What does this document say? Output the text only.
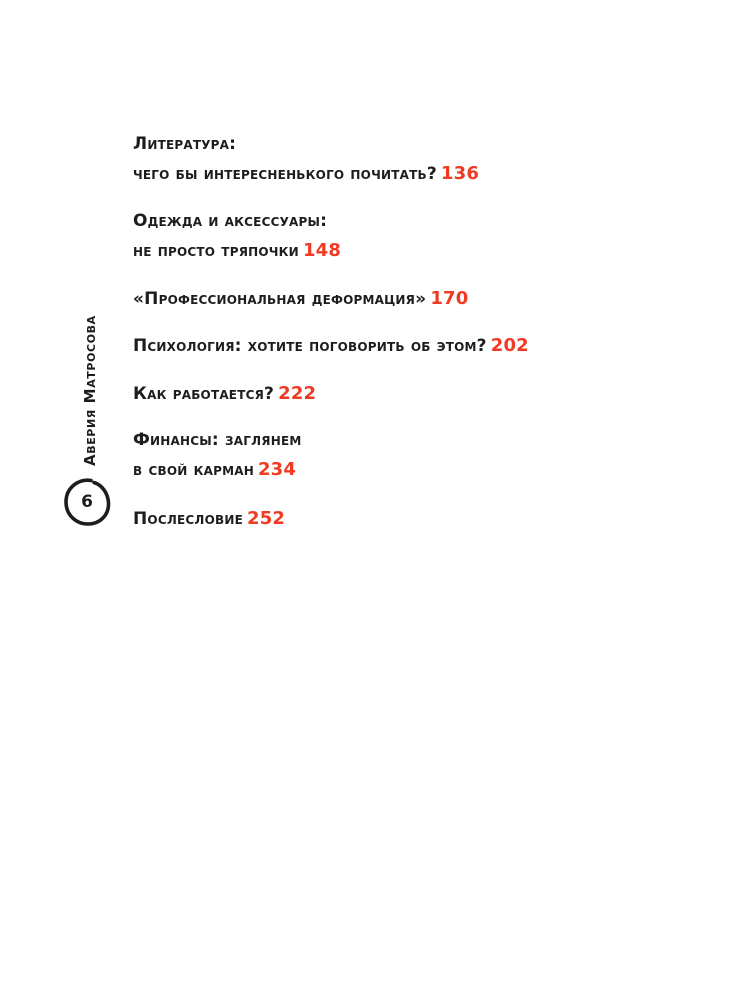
Литература:
чего бы интересненького почитать? 136
Одежда и аксессуары:
не просто тряпочки 148
«Профессиональная деформация» 170
Психология: хотите поговорить об этом? 202
Как работается? 222
Финансы: заглянем
в свой карман 234
Послесловие 252
Аверия Матросова
6
